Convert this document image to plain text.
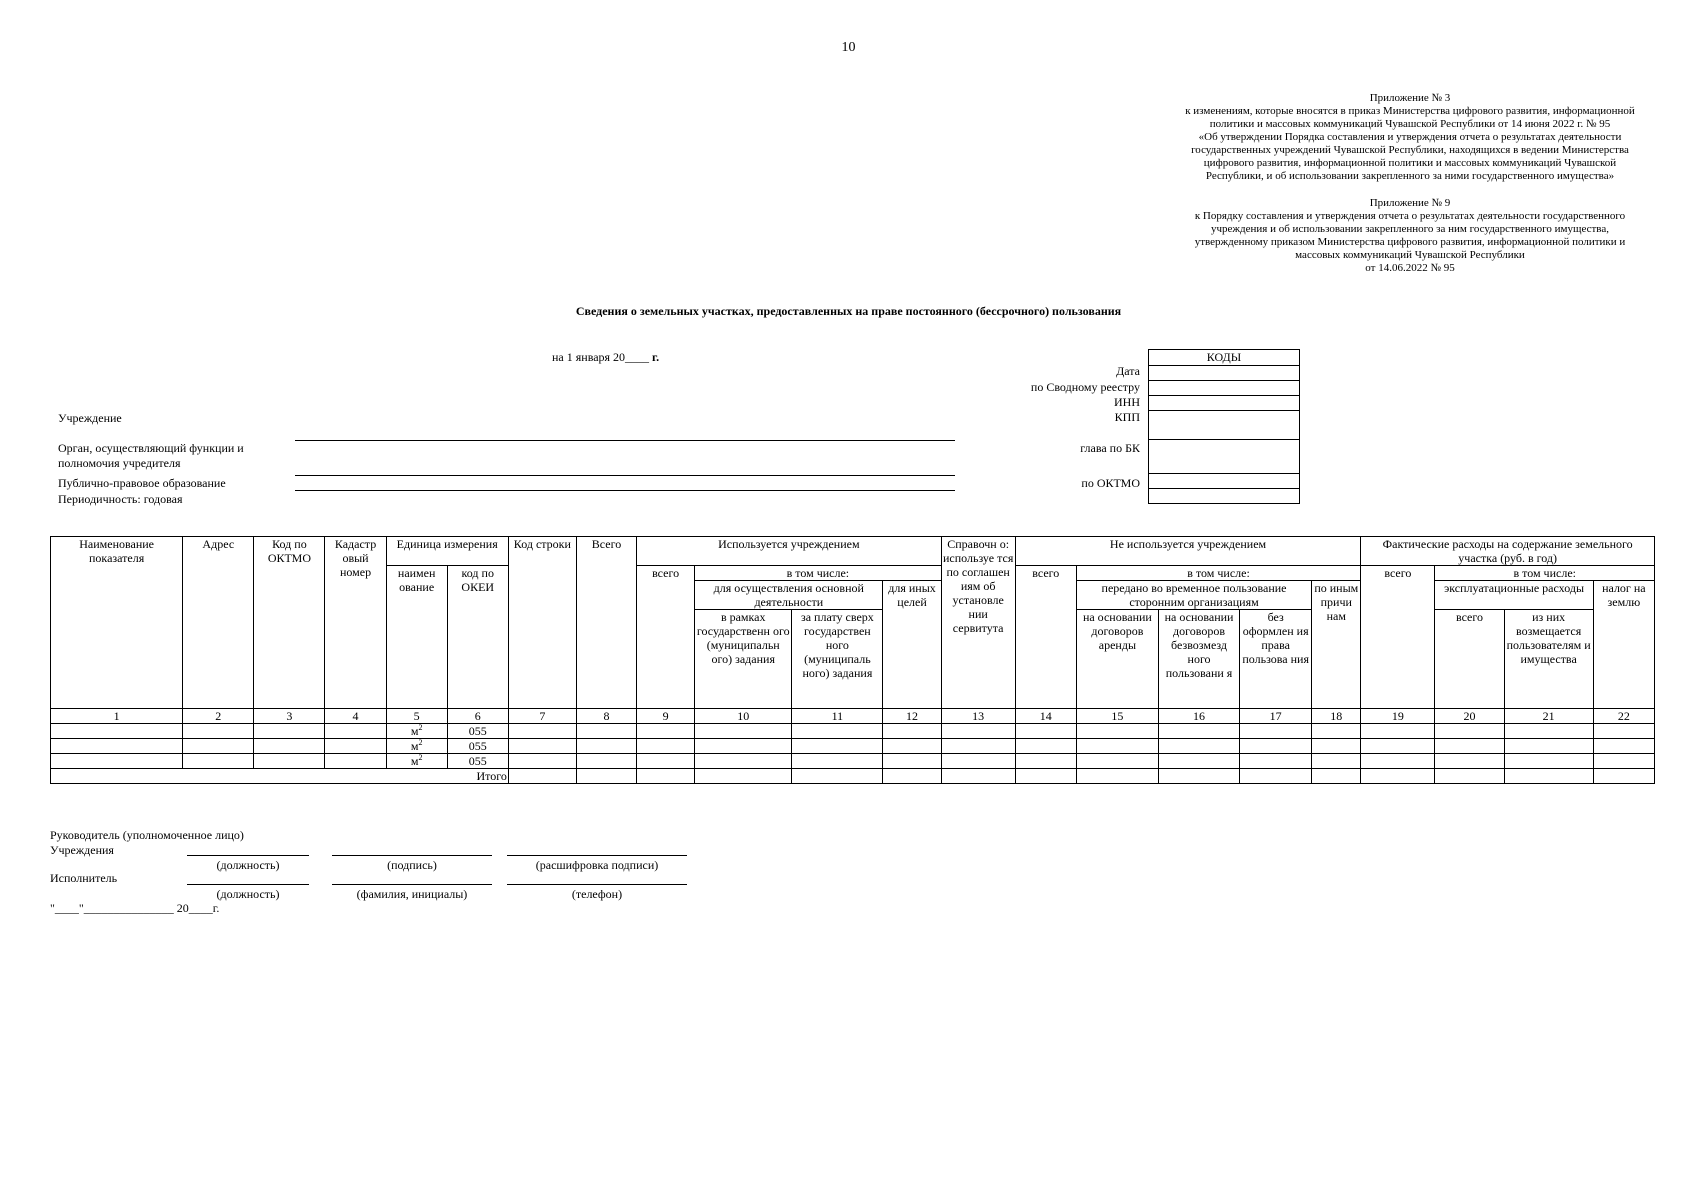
10
Приложение № 3
к изменениям, которые вносятся в приказ Министерства цифрового развития, информационной
политики и массовых коммуникаций Чувашской Республики от 14 июня 2022 г. № 95
«Об утверждении Порядка составления и утверждения отчета о результатах деятельности
государственных учреждений Чувашской Республики, находящихся в ведении Министерства
цифрового развития, информационной политики и массовых коммуникаций Чувашской
Республики, и об использовании закрепленного за ними государственного имущества»
Приложение № 9
к Порядку составления и утверждения отчета о результатах деятельности государственного
учреждения и об использовании закрепленного за ним государственного имущества,
утвержденному приказом Министерства цифрового развития, информационной политики и
массовых коммуникаций Чувашской Республики
от 14.06.2022 № 95
Сведения о земельных участках, предоставленных на праве постоянного (бессрочного) пользования
на 1 января 20____ г.
Дата
по Сводному реестру
ИНН
КПП
глава по БК
по ОКТМО
КОДЫ

Учреждение
Орган, осуществляющий функции и
полномочия учредителя
Публично-правовое образование
Периодичность: годовая
Наименование показателя	Адрес	Код по ОКТМО	Кадастр овый номер	Единица измерения		Код строки	Всего	Используется учреждением				Справочн о: используе тся по соглашен иям об установле нии сервитута	Не используется учреждением					Фактические расходы на содержание земельного участка (руб. в год)			
				наимен ование	код по ОКЕИ			всего	в том числе:				всего	в том числе:				всего	в том числе:		
									для осуществления основной деятельности		для иных целей			передано во временное пользование сторонним организациям			по иным причи нам		эксплуатационные расходы		налог на землю
									в рамках государственн ого (муниципальн ого) задания	за плату сверх государствен ного (муниципаль ного) задания				на основании договоров аренды	на основании договоров безвозмезд ного пользовани я	без оформлен ия права пользова ния			всего	из них возмещается пользователям и имущества	
1	2	3	4	5	6	7	8	9	10	11	12	13	14	15	16	17	18	19	20	21	22
				$м^2$	055																
				$м^2$	055																
				$м^2$	055																
Итого																					
Руководитель (уполномоченное лицо)
Учреждения
(должность)	(подпись)	(расшифровка подписи)
Исполнитель
(должность)	(фамилия, инициалы)	(телефон)
"____"_______________ 20____г.
